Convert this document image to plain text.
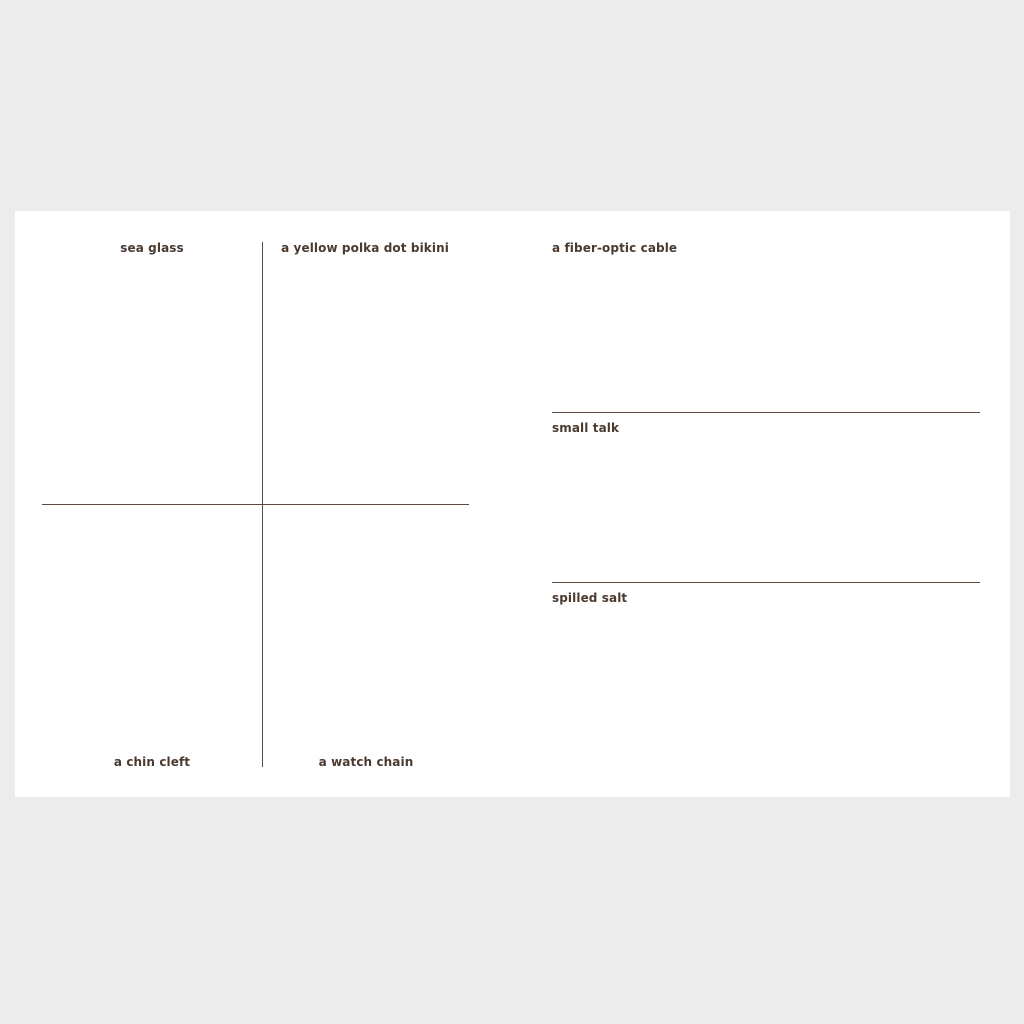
sea glass	a yellow polka dot bikini
a chin cleft	a watch chain
a fiber-optic cable
small talk
spilled salt
